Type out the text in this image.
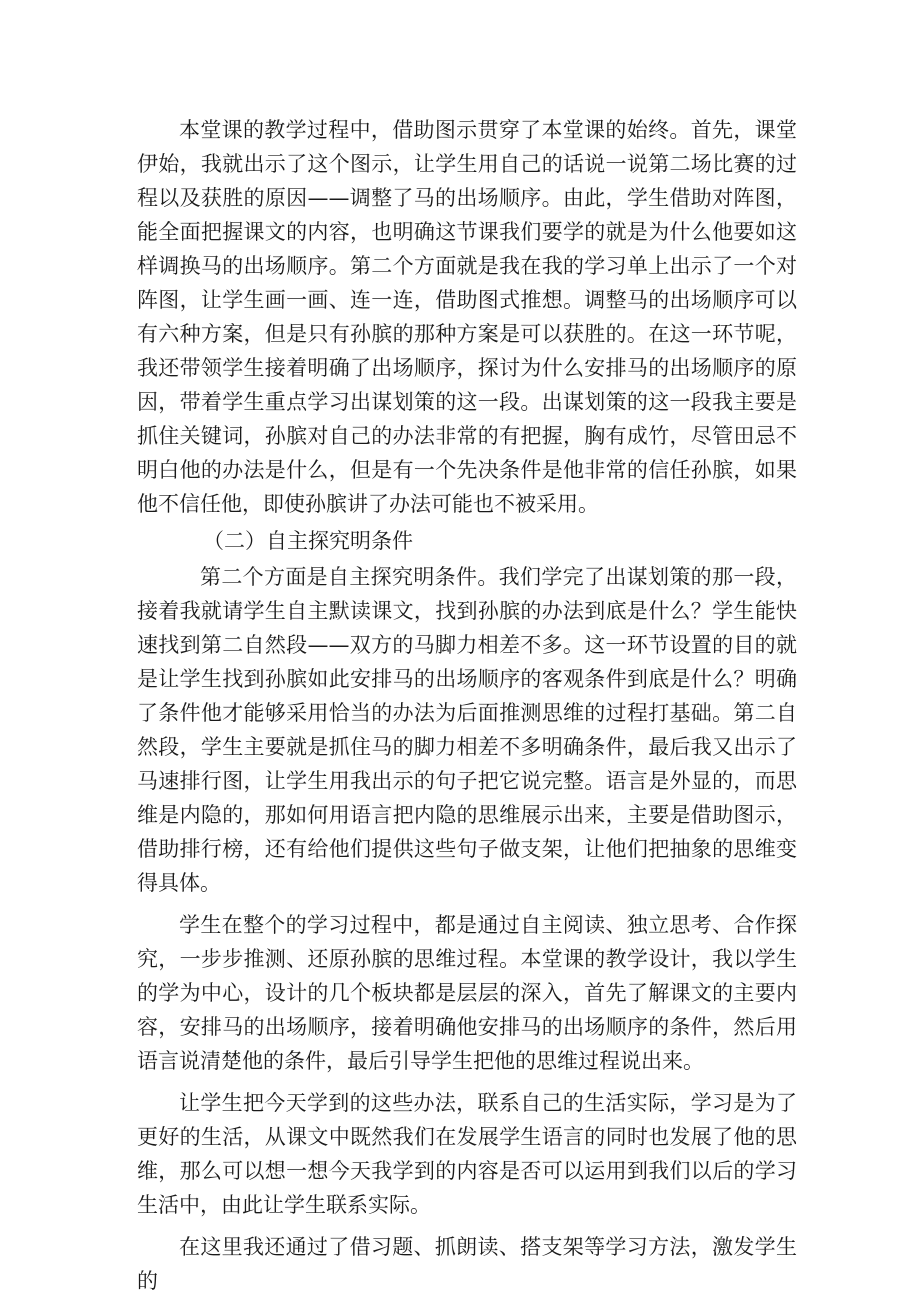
本堂课的教学过程中，借助图示贯穿了本堂课的始终。首先，课堂伊始，我就出示了这个图示，让学生用自己的话说一说第二场比赛的过程以及获胜的原因——调整了马的出场顺序。由此，学生借助对阵图，能全面把握课文的内容，也明确这节课我们要学的就是为什么他要如这样调换马的出场顺序。第二个方面就是我在我的学习单上出示了一个对阵图，让学生画一画、连一连，借助图式推想。调整马的出场顺序可以有六种方案，但是只有孙膑的那种方案是可以获胜的。在这一环节呢，我还带领学生接着明确了出场顺序，探讨为什么安排马的出场顺序的原因，带着学生重点学习出谋划策的这一段。出谋划策的这一段我主要是抓住关键词，孙膑对自己的办法非常的有把握，胸有成竹，尽管田忌不明白他的办法是什么，但是有一个先决条件是他非常的信任孙膑，如果他不信任他，即使孙膑讲了办法可能也不被采用。

（二）自主探究明条件

第二个方面是自主探究明条件。我们学完了出谋划策的那一段，接着我就请学生自主默读课文，找到孙膑的办法到底是什么？学生能快速找到第二自然段——双方的马脚力相差不多。这一环节设置的目的就是让学生找到孙膑如此安排马的出场顺序的客观条件到底是什么？明确了条件他才能够采用恰当的办法为后面推测思维的过程打基础。第二自然段，学生主要就是抓住马的脚力相差不多明确条件，最后我又出示了马速排行图，让学生用我出示的句子把它说完整。语言是外显的，而思维是内隐的，那如何用语言把内隐的思维展示出来，主要是借助图示，借助排行榜，还有给他们提供这些句子做支架，让他们把抽象的思维变得具体。

学生在整个的学习过程中，都是通过自主阅读、独立思考、合作探究，一步步推测、还原孙膑的思维过程。本堂课的教学设计，我以学生的学为中心，设计的几个板块都是层层的深入，首先了解课文的主要内容，安排马的出场顺序，接着明确他安排马的出场顺序的条件，然后用语言说清楚他的条件，最后引导学生把他的思维过程说出来。

让学生把今天学到的这些办法，联系自己的生活实际，学习是为了更好的生活，从课文中既然我们在发展学生语言的同时也发展了他的思维，那么可以想一想今天我学到的内容是否可以运用到我们以后的学习生活中，由此让学生联系实际。

在这里我还通过了借习题、抓朗读、搭支架等学习方法，激发学生的
